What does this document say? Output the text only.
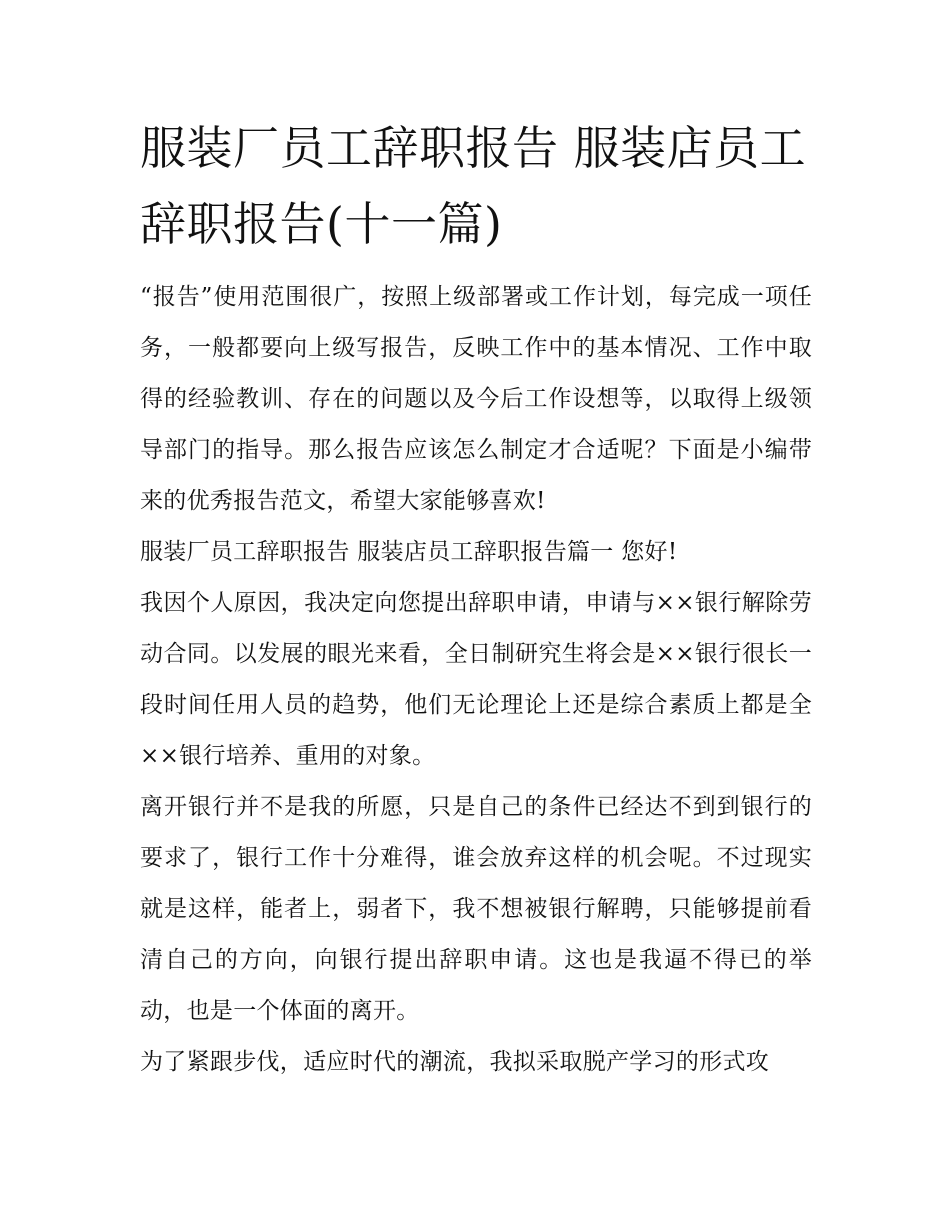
服装厂员工辞职报告 服装店员工辞职报告(十一篇)

“报告”使用范围很广，按照上级部署或工作计划，每完成一项任务，一般都要向上级写报告，反映工作中的基本情况、工作中取得的经验教训、存在的问题以及今后工作设想等，以取得上级领导部门的指导。那么报告应该怎么制定才合适呢？下面是小编带来的优秀报告范文，希望大家能够喜欢!

服装厂员工辞职报告 服装店员工辞职报告篇一 您好!

我因个人原因，我决定向您提出辞职申请，申请与××银行解除劳动合同。以发展的眼光来看，全日制研究生将会是××银行很长一段时间任用人员的趋势，他们无论理论上还是综合素质上都是全××银行培养、重用的对象。

离开银行并不是我的所愿，只是自己的条件已经达不到到银行的要求了，银行工作十分难得，谁会放弃这样的机会呢。不过现实就是这样，能者上，弱者下，我不想被银行解聘，只能够提前看清自己的方向，向银行提出辞职申请。这也是我逼不得已的举动，也是一个体面的离开。

为了紧跟步伐，适应时代的潮流，我拟采取脱产学习的形式攻
